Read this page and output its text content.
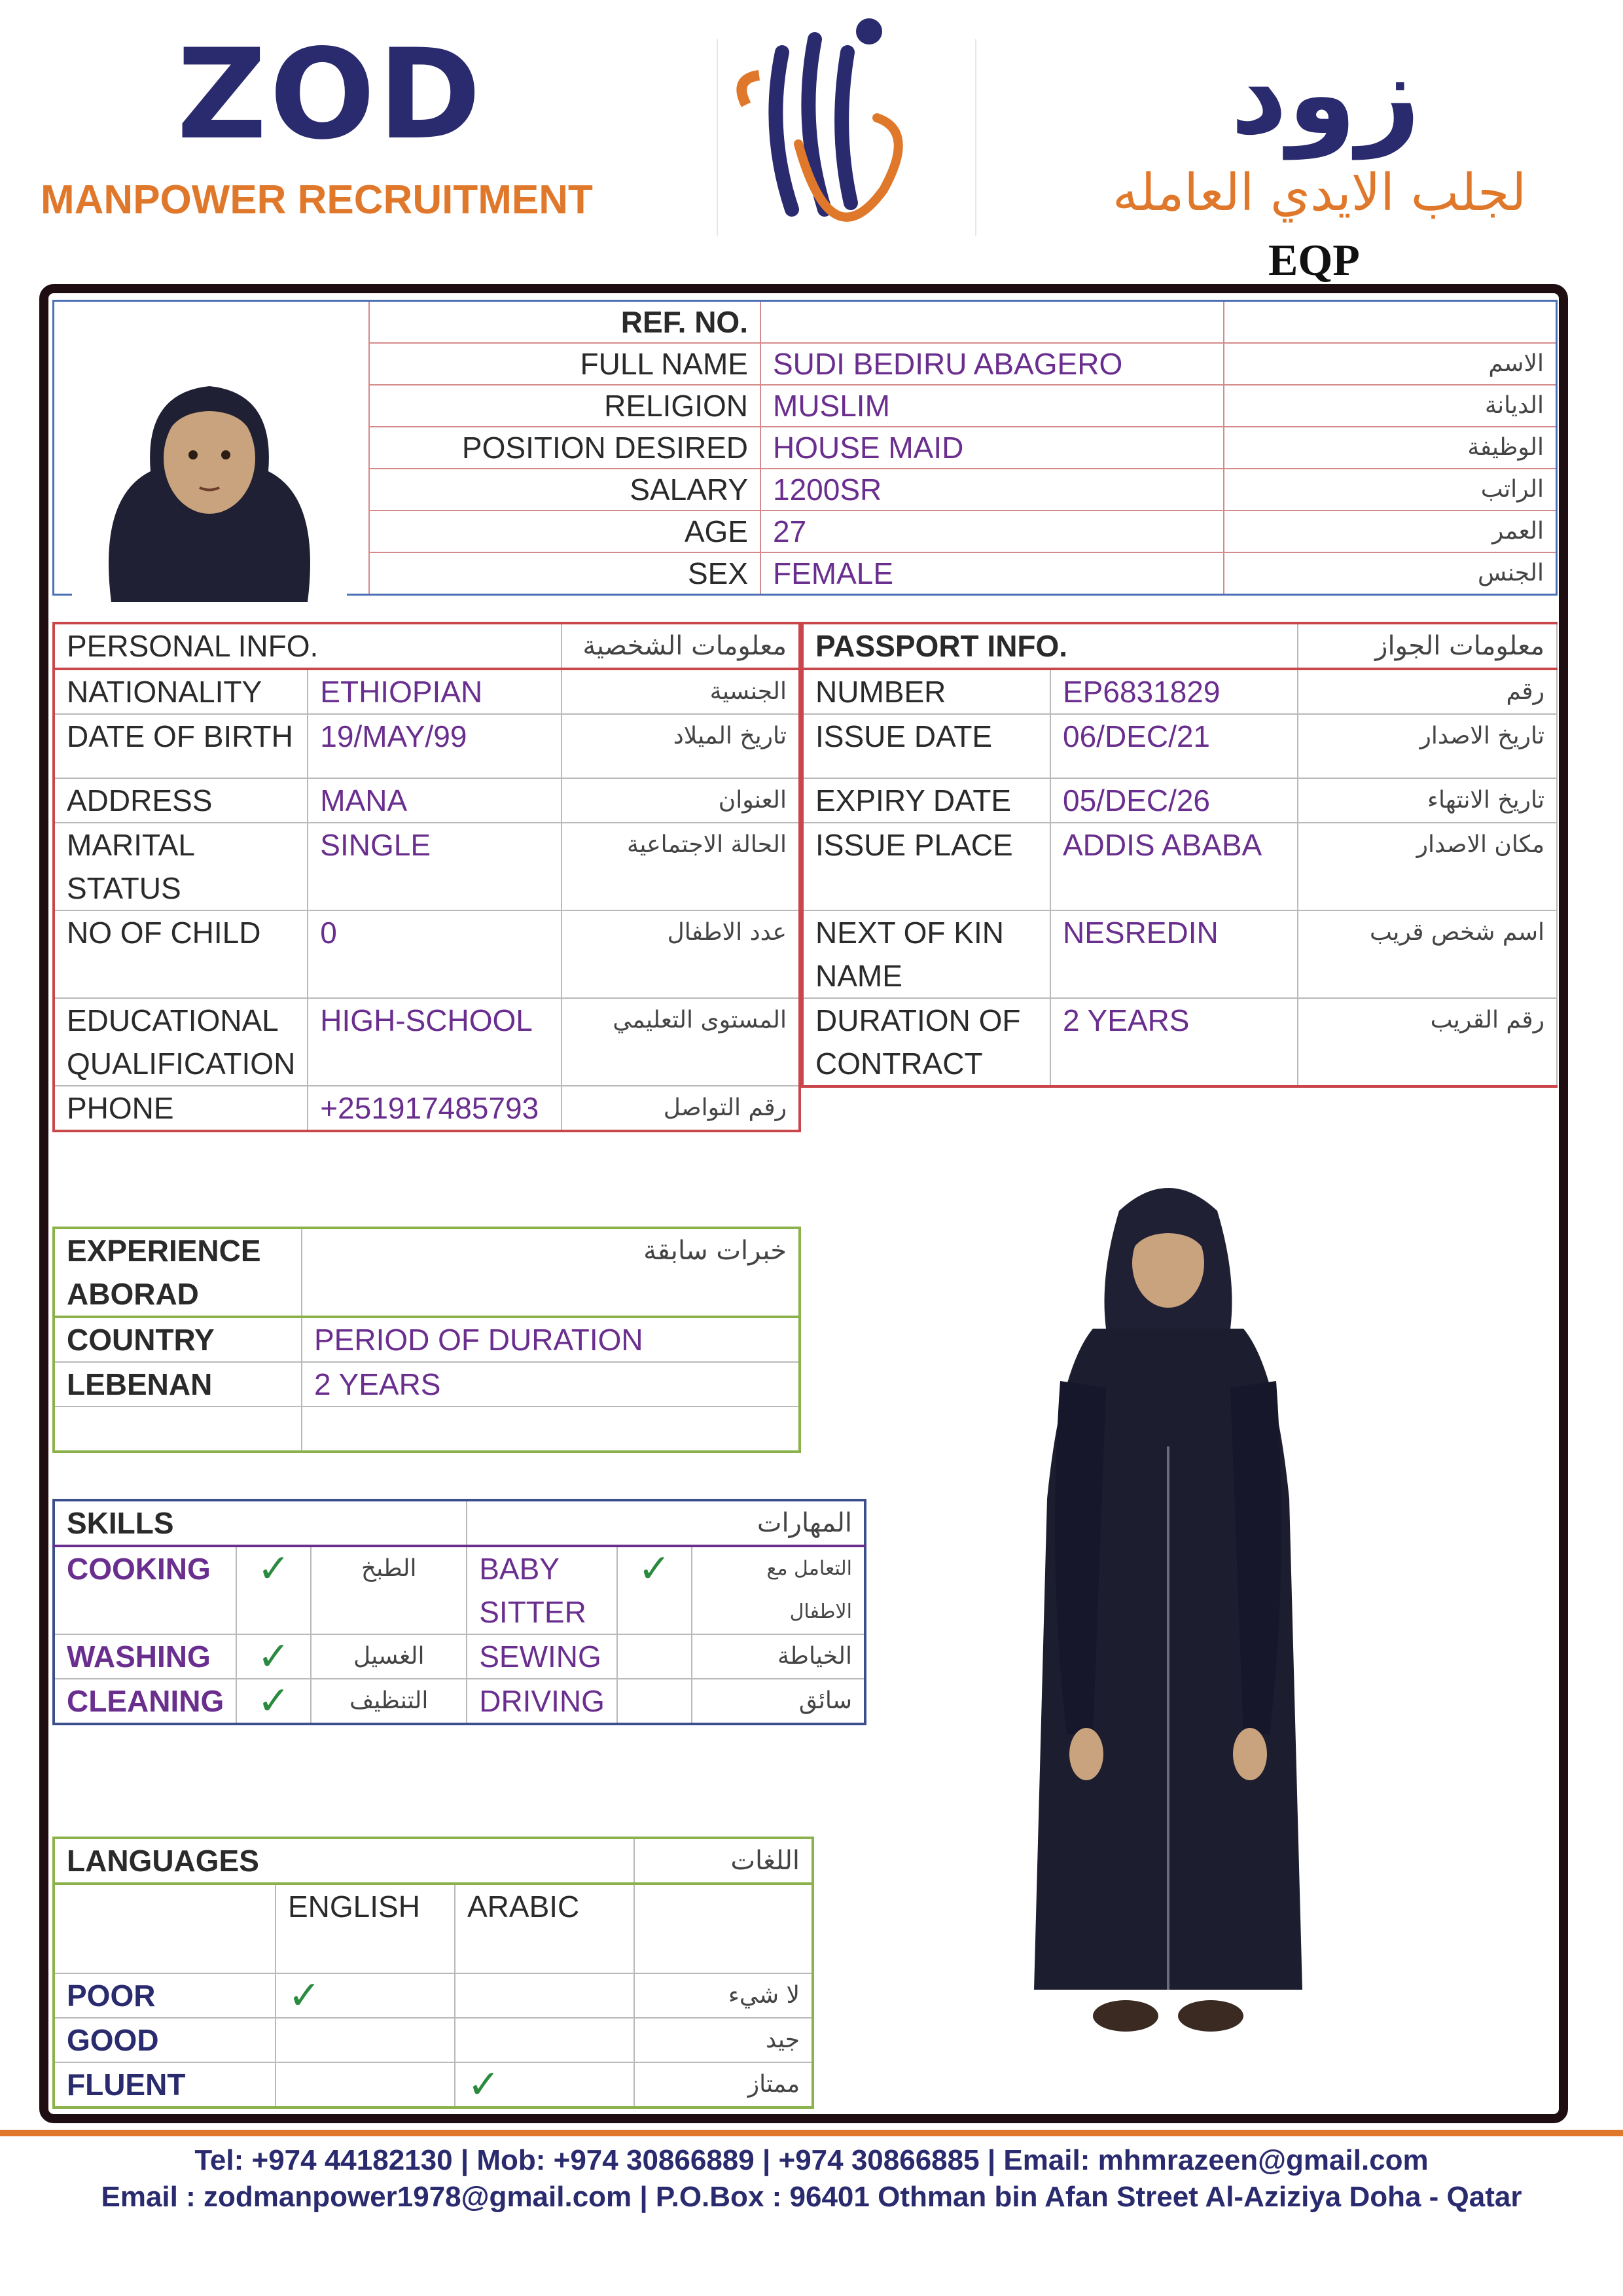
ZOD
MANPOWER RECRUITMENT
زود
لجلب الايدي العامله
EQP
	REF. NO.		
	FULL NAME	SUDI BEDIRU ABAGERO	الاسم
	RELIGION	MUSLIM	الديانة
	POSITION DESIRED	HOUSE MAID	الوظيفة
	SALARY	1200SR	الراتب
	AGE	27	العمر
	SEX	FEMALE	الجنس
PERSONAL INFO.		معلومات الشخصية
NATIONALITY	ETHIOPIAN	الجنسية
DATE OF BIRTH	19/MAY/99	تاريخ الميلاد
ADDRESS	MANA	العنوان
MARITAL STATUS	SINGLE	الحالة الاجتماعية
NO OF CHILD	0	عدد الاطفال
EDUCATIONAL QUALIFICATION	HIGH-SCHOOL	المستوى التعليمي
PHONE	+251917485793	رقم التواصل
PASSPORT INFO.		معلومات الجواز
NUMBER	EP6831829	رقم
ISSUE DATE	06/DEC/21	تاريخ الاصدار
EXPIRY DATE	05/DEC/26	تاريخ الانتهاء
ISSUE PLACE	ADDIS ABABA	مكان الاصدار
NEXT OF KIN NAME	NESREDIN	اسم شخص قريب
DURATION OF CONTRACT	2 YEARS	رقم القريب
EXPERIENCE ABORAD	خبرات سابقة
COUNTRY	PERIOD OF DURATION
LEBENAN	2 YEARS

SKILLS			المهارات		
COOKING	✓	الطبخ	BABY SITTER	✓	التعامل مع الاطفال
WASHING	✓	الغسيل	SEWING		الخياطة
CLEANING	✓	التنظيف	DRIVING		سائق
LANGUAGES			اللغات
	ENGLISH	ARABIC	
POOR	✓		لا شيء
GOOD			جيد
FLUENT		✓	ممتاز
Tel: +974 44182130 | Mob: +974 30866889 | +974 30866885 | Email: mhmrazeen@gmail.com
Email : zodmanpower1978@gmail.com | P.O.Box : 96401 Othman bin Afan Street Al-Aziziya Doha - Qatar
